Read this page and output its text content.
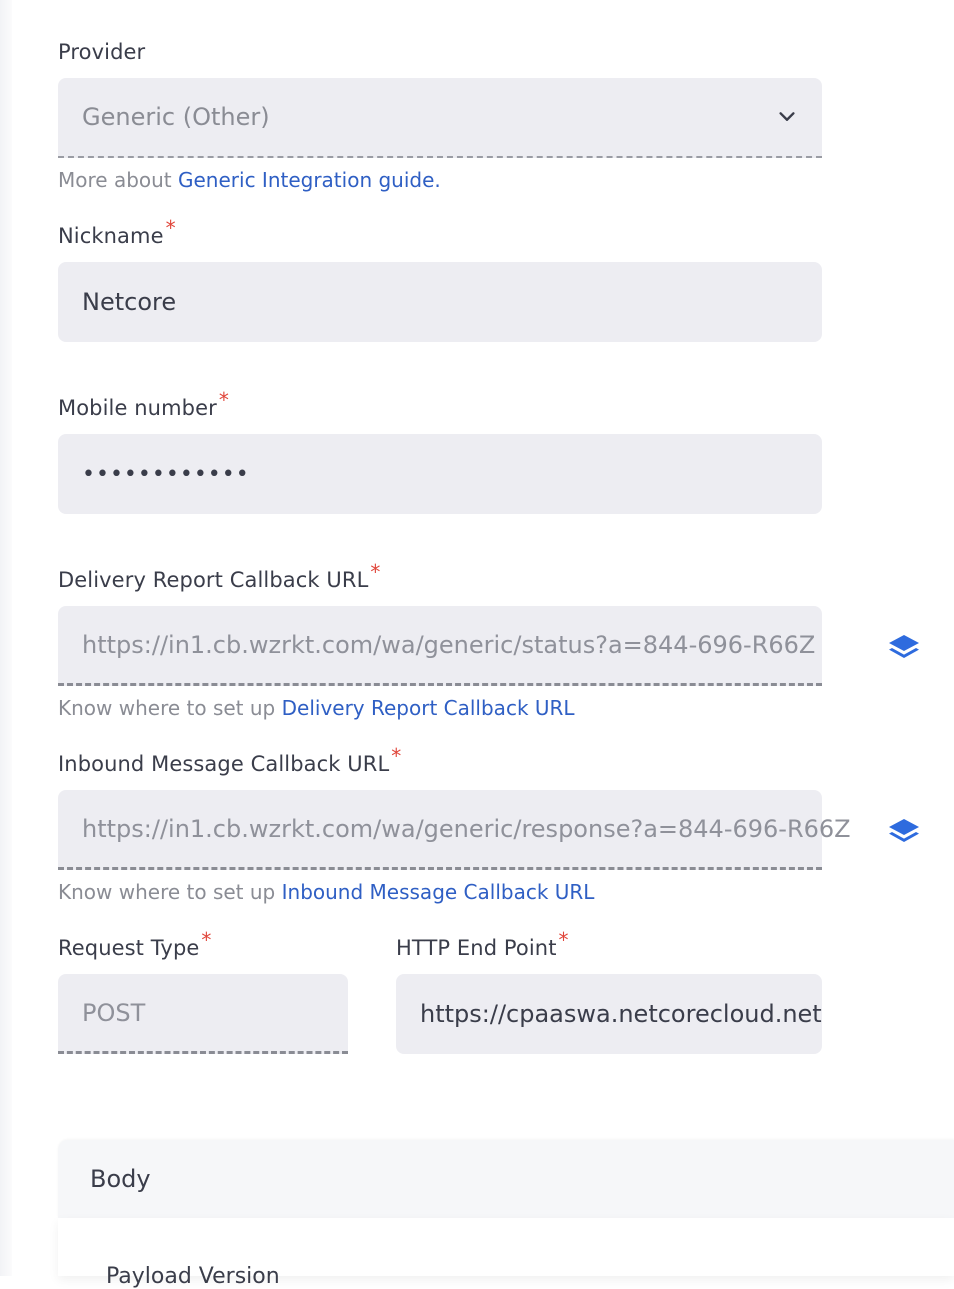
Provider
Generic (Other)
More about Generic Integration guide.
Nickname *
Netcore
Mobile number *
••••••••••••
Delivery Report Callback URL *
https://in1.cb.wzrkt.com/wa/generic/status?a=844-696-R66Z
Know where to set up Delivery Report Callback URL
Inbound Message Callback URL *
https://in1.cb.wzrkt.com/wa/generic/response?a=844-696-R66Z
Know where to set up Inbound Message Callback URL
Request Type *
POST
HTTP End Point *
https://cpaaswa.netcorecloud.net
Body
Payload Version
